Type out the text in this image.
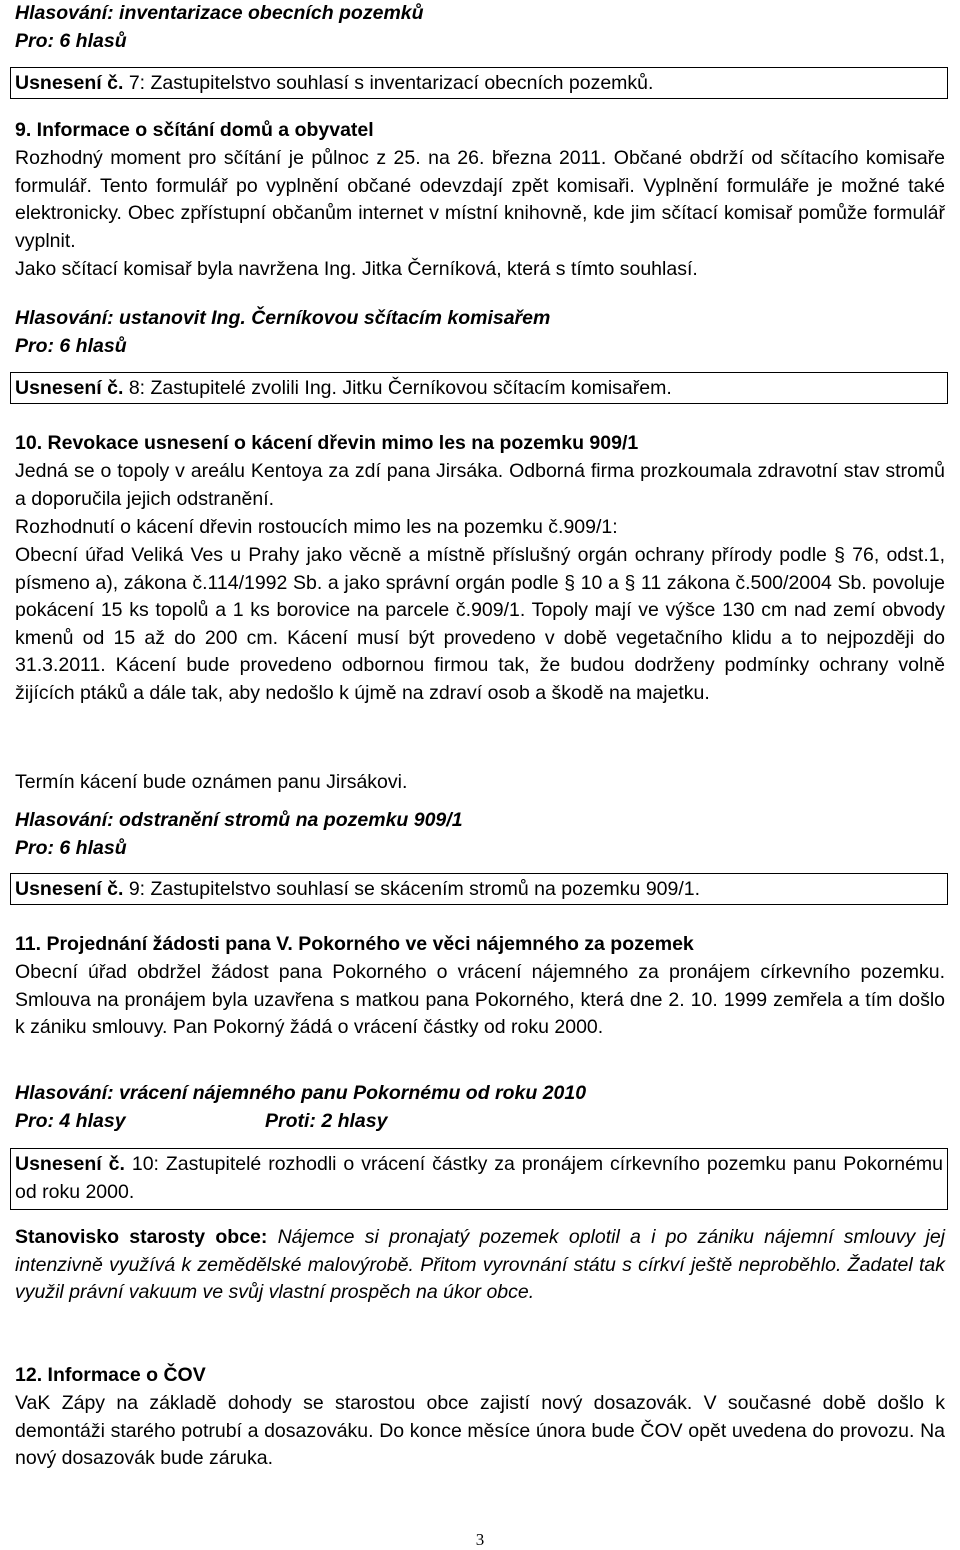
Hlasování: inventarizace obecních pozemků

Pro: 6 hlasů

Usnesení č. 7: Zastupitelstvo souhlasí s inventarizací obecních pozemků.

9. Informace o sčítání domů a obyvatel

Rozhodný moment pro sčítání je půlnoc z 25. na 26. března 2011. Občané obdrží od sčítacího komisaře formulář. Tento formulář po vyplnění občané odevzdají zpět komisaři. Vyplnění formuláře je možné také elektronicky. Obec zpřístupní občanům internet v místní knihovně, kde jim sčítací komisař pomůže formulář vyplnit.

Jako sčítací komisař byla navržena Ing. Jitka Černíková, která s tímto souhlasí.

Hlasování: ustanovit Ing. Černíkovou sčítacím komisařem

Pro: 6 hlasů

Usnesení č. 8: Zastupitelé zvolili Ing. Jitku Černíkovou sčítacím komisařem.

10. Revokace usnesení o kácení dřevin mimo les na pozemku 909/1

Jedná se o topoly v areálu Kentoya za zdí pana Jirsáka. Odborná firma prozkoumala zdravotní stav stromů a doporučila jejich odstranění.

Rozhodnutí o kácení dřevin rostoucích mimo les na pozemku č.909/1:

Obecní úřad Veliká Ves u Prahy jako věcně a místně příslušný orgán ochrany přírody podle § 76, odst.1, písmeno a), zákona č.114/1992 Sb. a jako správní orgán podle § 10 a § 11 zákona č.500/2004 Sb. povoluje pokácení 15 ks topolů a 1 ks borovice na parcele č.909/1. Topoly mají ve výšce 130 cm nad zemí obvody kmenů od 15 až do 200 cm. Kácení musí být provedeno v době vegetačního klidu a to nejpozději do 31.3.2011. Kácení bude provedeno odbornou firmou tak, že budou dodrženy podmínky ochrany volně žijících ptáků a dále tak, aby nedošlo k újmě na zdraví osob a škodě na majetku.

Termín kácení bude oznámen panu Jirsákovi.

Hlasování: odstranění stromů na pozemku 909/1

Pro: 6 hlasů

Usnesení č. 9: Zastupitelstvo souhlasí se skácením stromů na pozemku 909/1.

11. Projednání žádosti pana V. Pokorného ve věci nájemného za pozemek

Obecní úřad obdržel žádost pana Pokorného o vrácení nájemného za pronájem církevního pozemku. Smlouva na pronájem byla uzavřena s matkou pana Pokorného, která dne 2. 10. 1999 zemřela a tím došlo k zániku smlouvy. Pan Pokorný žádá o vrácení částky od roku 2000.

Hlasování: vrácení nájemného panu Pokornému od roku 2010

Pro: 4 hlasy	Proti: 2 hlasy

Usnesení č. 10: Zastupitelé rozhodli o vrácení částky za pronájem církevního pozemku panu Pokornému od roku 2000.

Stanovisko starosty obce: Nájemce si pronajatý pozemek oplotil a i po zániku nájemní smlouvy jej intenzivně využívá k zemědělské malovýrobě. Přitom vyrovnání státu s církví ještě neproběhlo. Žadatel tak využil právní vakuum ve svůj vlastní prospěch na úkor obce.

12. Informace o ČOV

VaK Zápy na základě dohody se starostou obce zajistí nový dosazovák. V současné době došlo k demontáži starého potrubí a dosazováku. Do konce měsíce února bude ČOV opět uvedena do provozu. Na nový dosazovák bude záruka.

3
